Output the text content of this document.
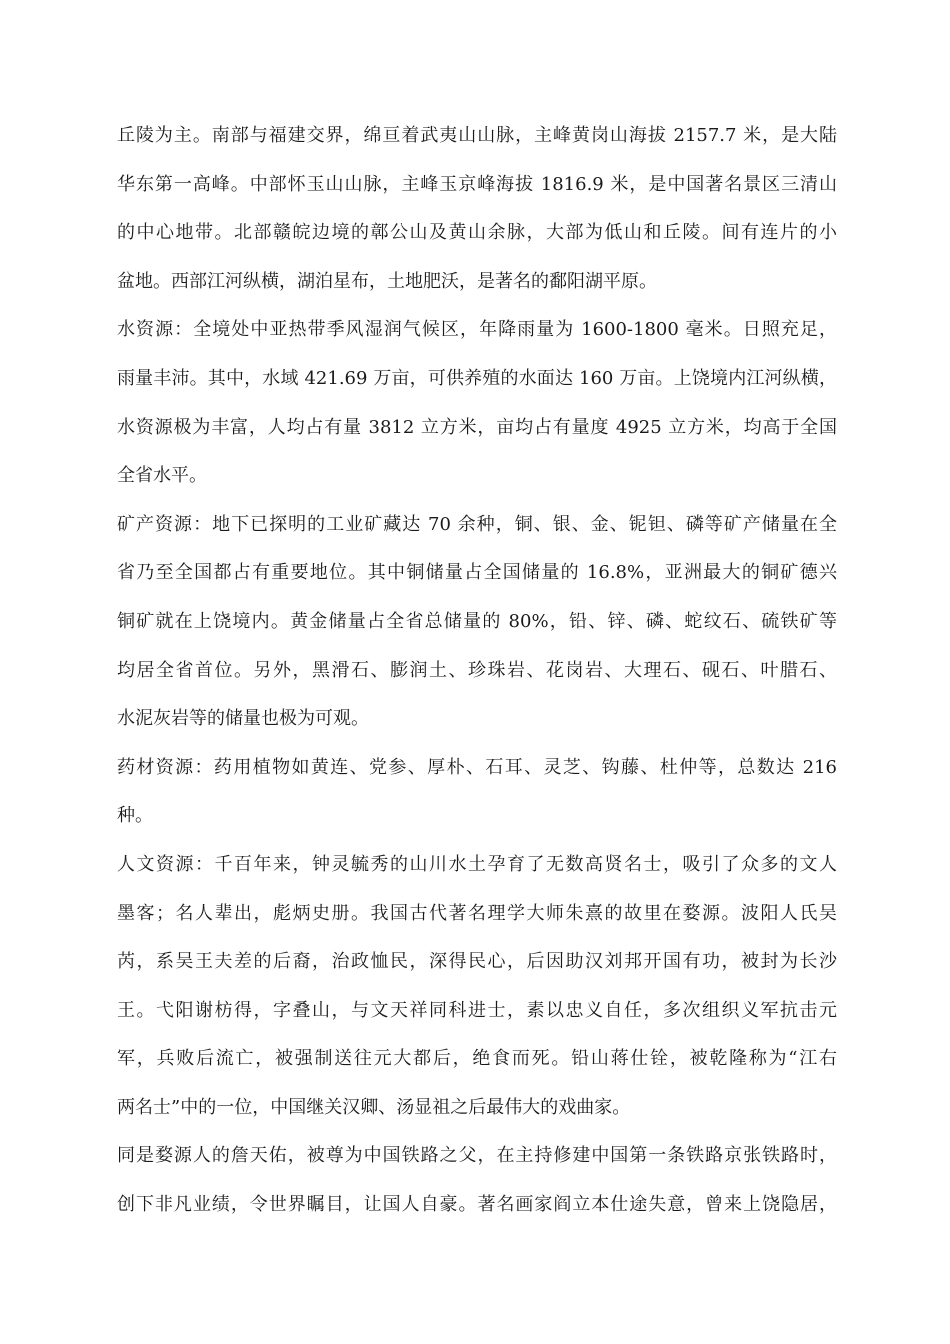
丘陵为主。南部与福建交界，绵亘着武夷山山脉，主峰黄岗山海拔 2157.7 米，是大陆
华东第一高峰。中部怀玉山山脉，主峰玉京峰海拔 1816.9 米，是中国著名景区三清山
的中心地带。北部赣皖边境的鄣公山及黄山余脉，大部为低山和丘陵。间有连片的小
盆地。西部江河纵横，湖泊星布，土地肥沃，是著名的鄱阳湖平原。
水资源：全境处中亚热带季风湿润气候区，年降雨量为 1600-1800 毫米。日照充足，
雨量丰沛。其中，水域 421.69 万亩，可供养殖的水面达 160 万亩。上饶境内江河纵横，
水资源极为丰富，人均占有量 3812 立方米，亩均占有量度 4925 立方米，均高于全国
全省水平。
矿产资源：地下已探明的工业矿藏达 70 余种，铜、银、金、铌钽、磷等矿产储量在全
省乃至全国都占有重要地位。其中铜储量占全国储量的 16.8%，亚洲最大的铜矿德兴
铜矿就在上饶境内。黄金储量占全省总储量的 80%，铅、锌、磷、蛇纹石、硫铁矿等
均居全省首位。另外，黑滑石、膨润土、珍珠岩、花岗岩、大理石、砚石、叶腊石、
水泥灰岩等的储量也极为可观。
药材资源：药用植物如黄连、党参、厚朴、石耳、灵芝、钩藤、杜仲等，总数达 216
种。
人文资源：千百年来，钟灵毓秀的山川水土孕育了无数高贤名士，吸引了众多的文人
墨客；名人辈出，彪炳史册。我国古代著名理学大师朱熹的故里在婺源。波阳人氏吴
芮，系吴王夫差的后裔，治政恤民，深得民心，后因助汉刘邦开国有功，被封为长沙
王。弋阳谢枋得，字叠山，与文天祥同科进士，素以忠义自任，多次组织义军抗击元
军，兵败后流亡，被强制送往元大都后，绝食而死。铅山蒋仕铨，被乾隆称为“江右
两名士”中的一位，中国继关汉卿、汤显祖之后最伟大的戏曲家。
同是婺源人的詹天佑，被尊为中国铁路之父，在主持修建中国第一条铁路京张铁路时，
创下非凡业绩，令世界瞩目，让国人自豪。著名画家阎立本仕途失意，曾来上饶隐居，
